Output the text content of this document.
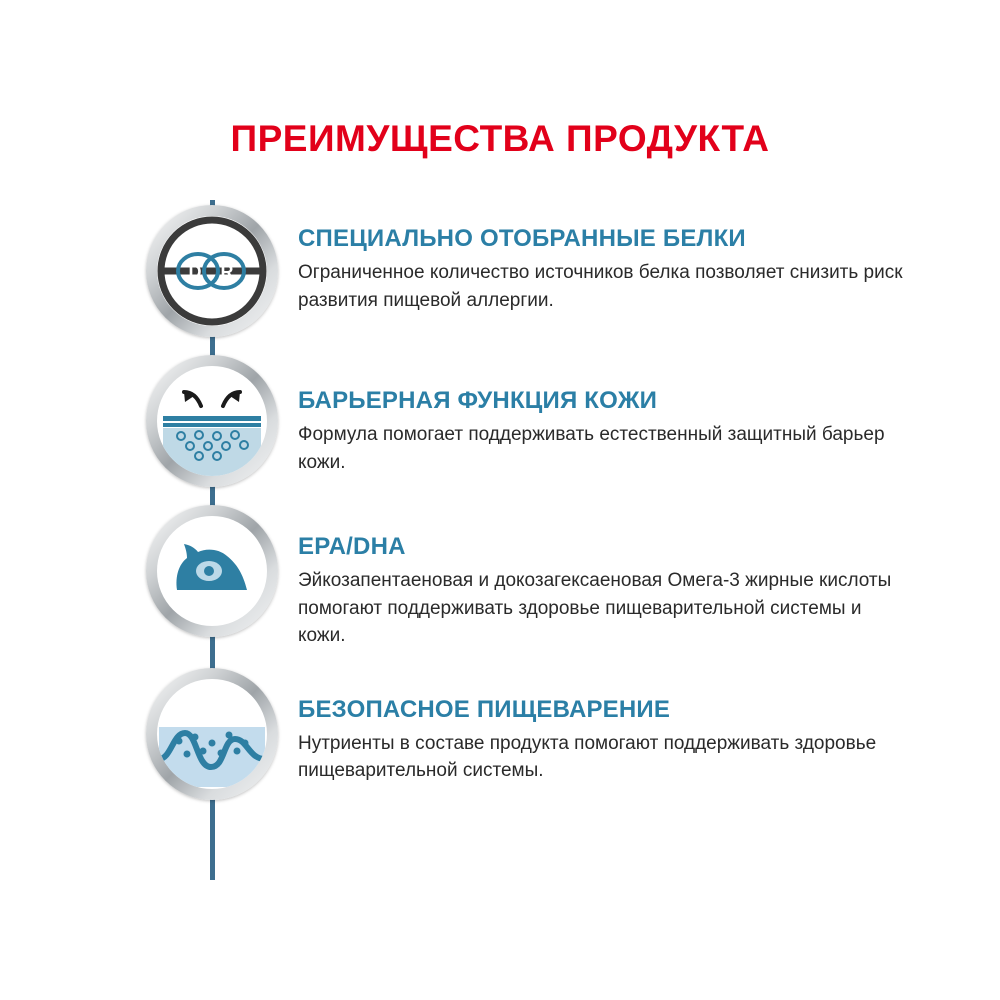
ПРЕИМУЩЕСТВА ПРОДУКТА
D R
СПЕЦИАЛЬНО ОТОБРАННЫЕ БЕЛКИ
Ограниченное количество источников белка позволяет снизить риск развития пищевой аллергии.
БАРЬЕРНАЯ ФУНКЦИЯ КОЖИ
Формула помогает поддерживать естественный защитный барьер кожи.
EPA/DHA
Эйкозапентаеновая и докозагексаеновая Омега-3 жирные кислоты помогают поддерживать здоровье пищеварительной системы и кожи.
БЕЗОПАСНОЕ ПИЩЕВАРЕНИЕ
Нутриенты в составе продукта помогают поддерживать здоровье пищеварительной системы.
